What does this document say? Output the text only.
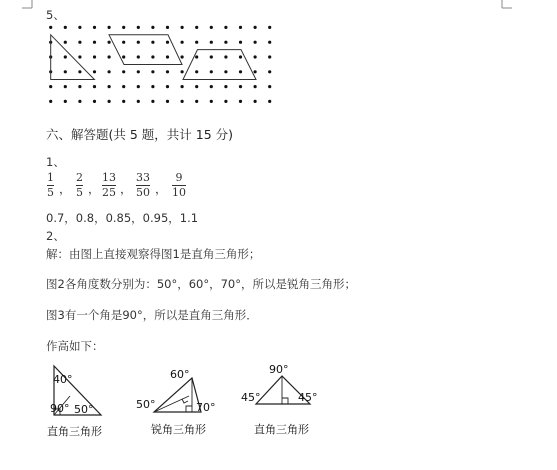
5、
六、解答题(共 5 题，共计 15 分)
1、
1
5 ，
2
5 ，
13
25 ，
33
50 ，
9
10
0.7，0.8，0.85，0.95，1.1
2、
解：由图上直接观察得图1是直角三角形；
图2各角度数分别为：50°，60°，70°，所以是锐角三角形；
图3有一个角是90°，所以是直角三角形．
作高如下：
40°
90° 50°
直角三角形
60°
50°	70°
锐角三角形
90°
45°	45°
直角三角形
